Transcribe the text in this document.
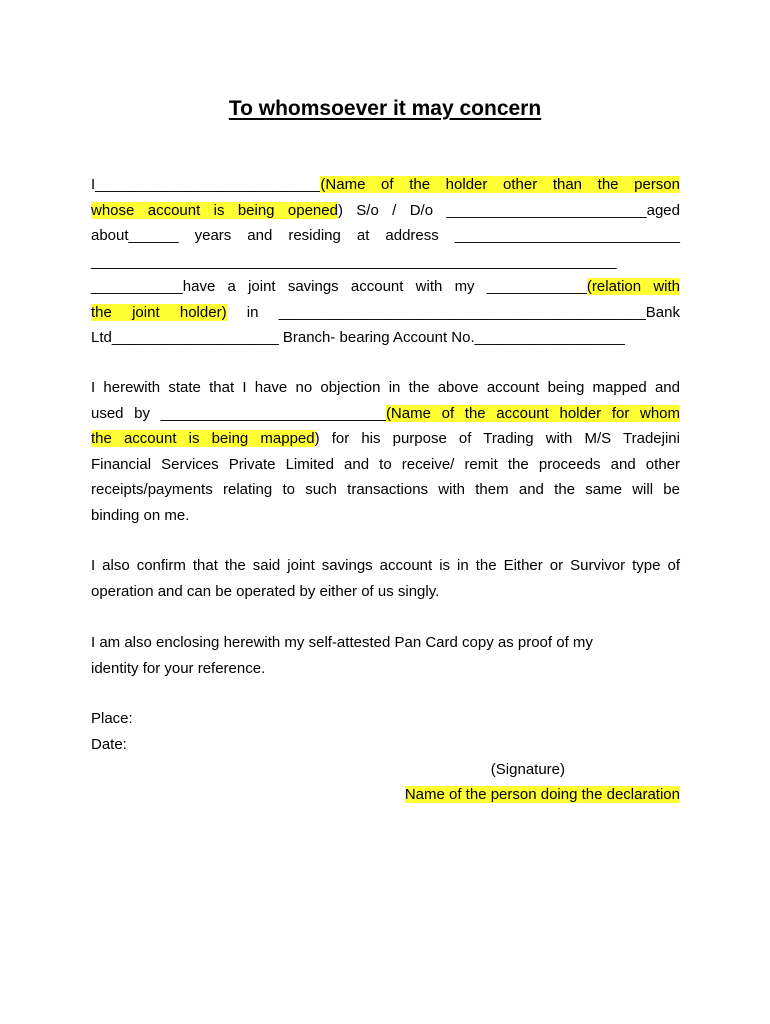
To whomsoever it may concern
I___________________________(Name of the holder other than the person
whose account is being opened) S/o / D/o ________________________aged
about______ years and residing at address ___________________________
_______________________________________________________________
___________have a joint savings account with my ____________(relation with
the joint holder) in ____________________________________________Bank
Ltd____________________ Branch- bearing Account No.__________________
I herewith state that I have no objection in the above account being mapped and
used by ___________________________(Name of the account holder for whom
the account is being mapped) for his purpose of Trading with M/S Tradejini
Financial Services Private Limited and to receive/ remit the proceeds and other
receipts/payments relating to such transactions with them and the same will be
binding on me.
I also confirm that the said joint savings account is in the Either or Survivor type of
operation and can be operated by either of us singly.
I am also enclosing herewith my self-attested Pan Card copy as proof of my
identity for your reference.
Place:
Date:
(Signature)
Name of the person doing the declaration
